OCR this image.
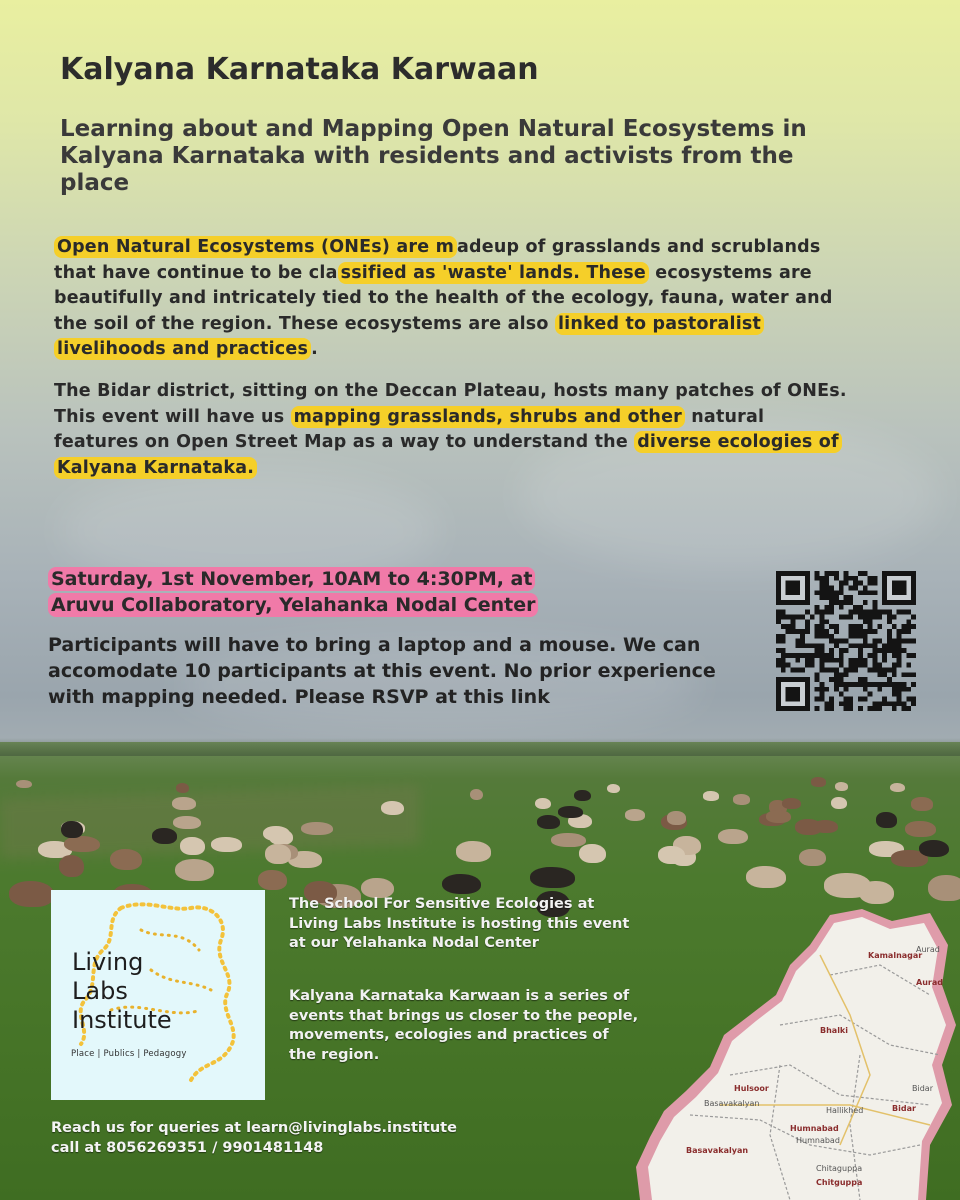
Kalyana Karnataka Karwaan
Learning about and Mapping Open Natural Ecosystems in Kalyana Karnataka with residents and activists from the place
Open Natural Ecosystems (ONEs) are m adeup of grasslands and scrublands that have continue to be cla ssified as 'waste' lands. These ecosystems are beautifully and intricately tied to the health of the ecology, fauna, water and the soil of the region. These ecosystems are also linked to pastoralist livelihoods and practices .
The Bidar district, sitting on the Deccan Plateau, hosts many patches of ONEs. This event will have us mapping grasslands, shrubs and other natural features on Open Street Map as a way to understand the diverse ecologies of Kalyana Karnataka.
Saturday, 1st November, 10AM to 4:30PM, at
Aruvu Collaboratory, Yelahanka Nodal Center
Participants will have to bring a laptop and a mouse. We can accomodate 10 participants at this event. No prior experience with mapping needed. Please RSVP at this link
Living
Labs
Institute
Place | Publics | Pedagogy
The School For Sensitive Ecologies at Living Labs Institute is hosting this event at our Yelahanka Nodal Center
Kalyana Karnataka Karwaan is a series of events that brings us closer to the people, movements, ecologies and practices of the region.
Reach us for queries at learn@livinglabs.institute
call at 8056269351 / 9901481148
Kamalnagar
Aurad
Aurad
Bhalki
Bidar
Bidar
Hulsoor
Basavakalyan
Basavakalyan
Humnabad
Humnabad
Hallikhed
Chitaguppa
Chitguppa
